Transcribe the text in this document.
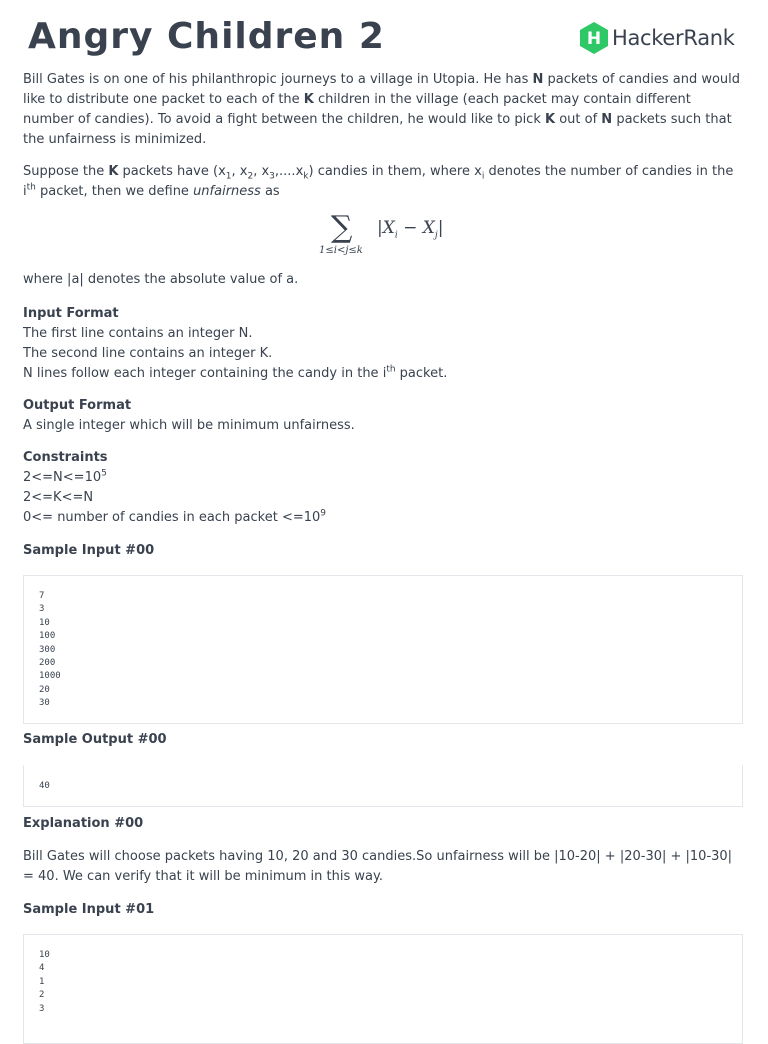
Angry Children 2	H HackerRank

Bill Gates is on one of his philanthropic journeys to a village in Utopia. He has N packets of candies and would like to distribute one packet to each of the K children in the village (each packet may contain different number of candies). To avoid a fight between the children, he would like to pick K out of N packets such that the unfairness is minimized.

Suppose the K packets have ($x_1$, $x_2$, $x_3,....x_k$) candies in them, where $x_i$ denotes the number of candies in the $i^{th}$ packet, then we define unfairness as

∑
1≤i<j≤k
$|X_i - X_j|$

where |a| denotes the absolute value of a.

Input Format

The first line contains an integer N.

The second line contains an integer K.

N lines follow each integer containing the candy in the $i^{th}$ packet.

Output Format

A single integer which will be minimum unfairness.

Constraints

$2<=N<=10^5$

2<=K<=N

0<= number of candies in each packet $<=10^9$

Sample Input #00

7
3
10
100
300
200
1000
20
30

Sample Output #00

40

Explanation #00

Bill Gates will choose packets having 10, 20 and 30 candies.So unfairness will be |10-20| + |20-30| + |10-30| = 40. We can verify that it will be minimum in this way.

Sample Input #01

10
4
1
2
3
